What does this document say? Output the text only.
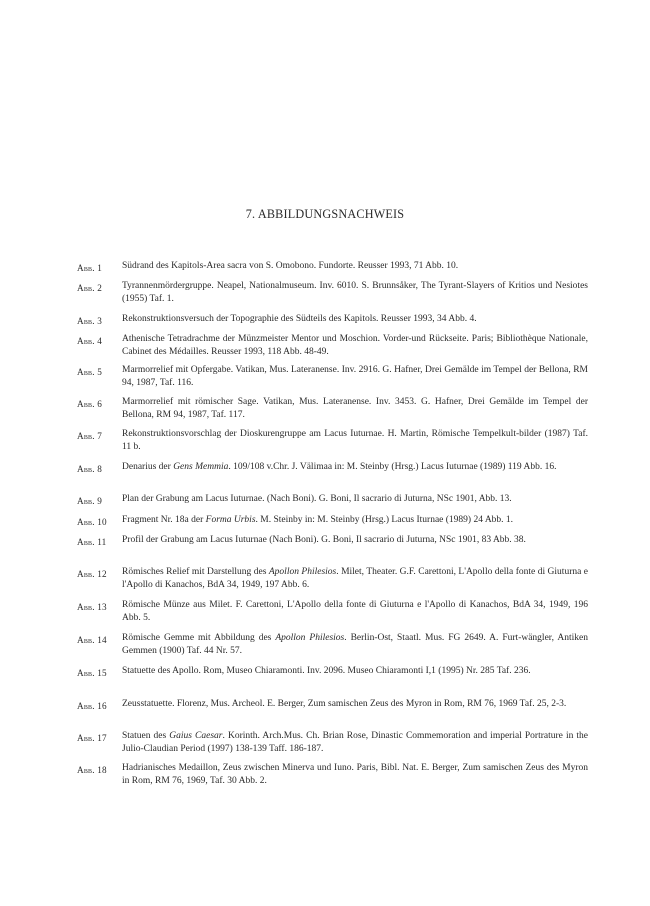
7. ABBILDUNGSNACHWEIS
Abb. 1 Südrand des Kapitols-Area sacra von S. Omobono. Fundorte. Reusser 1993, 71 Abb. 10.
Abb. 2 Tyrannenmördergruppe. Neapel, Nationalmuseum. Inv. 6010. S. Brunnsåker, The Tyrant-Slayers of Kritios und Nesiotes (1955) Taf. 1.
Abb. 3 Rekonstruktionsversuch der Topographie des Südteils des Kapitols. Reusser 1993, 34 Abb. 4.
Abb. 4 Athenische Tetradrachme der Münzmeister Mentor und Moschion. Vorder-und Rückseite. Paris; Bibliothèque Nationale, Cabinet des Médailles. Reusser 1993, 118 Abb. 48-49.
Abb. 5 Marmorrelief mit Opfergabe. Vatikan, Mus. Lateranense. Inv. 2916. G. Hafner, Drei Gemälde im Tempel der Bellona, RM 94, 1987, Taf. 116.
Abb. 6 Marmorrelief mit römischer Sage. Vatikan, Mus. Lateranense. Inv. 3453. G. Hafner, Drei Gemälde im Tempel der Bellona, RM 94, 1987, Taf. 117.
Abb. 7 Rekonstruktionsvorschlag der Dioskurengruppe am Lacus Iuturnae. H. Martin, Römische Tempelkult-bilder (1987) Taf. 11 b.
Abb. 8 Denarius der Gens Memmia. 109/108 v.Chr. J. Välimaa in: M. Steinby (Hrsg.) Lacus Iuturnae (1989) 119 Abb. 16.
Abb. 9 Plan der Grabung am Lacus Iuturnae. (Nach Boni). G. Boni, Il sacrario di Juturna, NSc 1901, Abb. 13.
Abb. 10 Fragment Nr. 18a der Forma Urbis. M. Steinby in: M. Steinby (Hrsg.) Lacus Iturnae (1989) 24 Abb. 1.
Abb. 11 Profil der Grabung am Lacus Iuturnae (Nach Boni). G. Boni, Il sacrario di Juturna, NSc 1901, 83 Abb. 38.
Abb. 12 Römisches Relief mit Darstellung des Apollon Philesios. Milet, Theater. G.F. Carettoni, L'Apollo della fonte di Giuturna e l'Apollo di Kanachos, BdA 34, 1949, 197 Abb. 6.
Abb. 13 Römische Münze aus Milet. F. Carettoni, L'Apollo della fonte di Giuturna e l'Apollo di Kanachos, BdA 34, 1949, 196 Abb. 5.
Abb. 14 Römische Gemme mit Abbildung des Apollon Philesios. Berlin-Ost, Staatl. Mus. FG 2649. A. Furt-wängler, Antiken Gemmen (1900) Taf. 44 Nr. 57.
Abb. 15 Statuette des Apollo. Rom, Museo Chiaramonti. Inv. 2096. Museo Chiaramonti I,1 (1995) Nr. 285 Taf. 236.
Abb. 16 Zeusstatuette. Florenz, Mus. Archeol. E. Berger, Zum samischen Zeus des Myron in Rom, RM 76, 1969 Taf. 25, 2-3.
Abb. 17 Statuen des Gaius Caesar. Korinth. Arch.Mus. Ch. Brian Rose, Dinastic Commemoration and imperial Portrature in the Julio-Claudian Period (1997) 138-139 Taff. 186-187.
Abb. 18 Hadrianisches Medaillon, Zeus zwischen Minerva und Iuno. Paris, Bibl. Nat. E. Berger, Zum samischen Zeus des Myron in Rom, RM 76, 1969, Taf. 30 Abb. 2.
